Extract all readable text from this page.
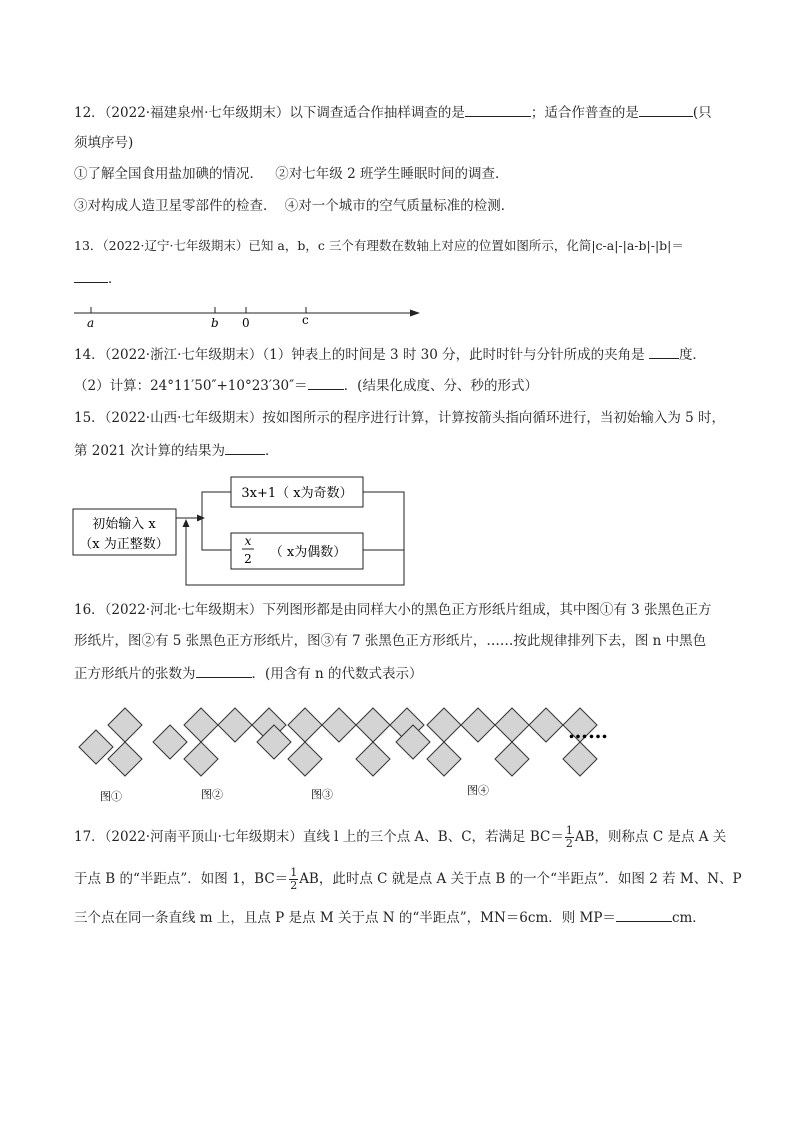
12．（2022·福建泉州·七年级期末）以下调查适合作抽样调查的是	；适合作普查的是	(只
须填序号)
①了解全国食用盐加碘的情况． ②对七年级 2 班学生睡眠时间的调查．
③对构成人造卫星零部件的检查． ④对一个城市的空气质量标准的检测．
13．（2022·辽宁·七年级期末）已知 a，b，c 三个有理数在数轴上对应的位置如图所示，化简|c-a|-|a-b|-|b|＝
．
a	b 0	c
14．（2022·浙江·七年级期末）（1）钟表上的时间是 3 时 30 分，此时时针与分针所成的夹角是	度．
（2）计算：24°11′50″+10°23′30″＝	．(结果化成度、分、秒的形式）
15．（2022·山西·七年级期末）按如图所示的程序进行计算，计算按箭头指向循环进行，当初始输入为 5 时，
第 2021 次计算的结果为	．
初始输入 x
（x 为正整数）
3x+1（ x为奇数）
x
2 （ x为偶数）
16．（2022·河北·七年级期末）下列图形都是由同样大小的黑色正方形纸片组成，其中图①有 3 张黑色正方
形纸片，图②有 5 张黑色正方形纸片，图③有 7 张黑色正方形纸片，……按此规律排列下去，图 n 中黑色
正方形纸片的张数为	．(用含有 n 的代数式表示）
图①	图②	图③	图④
……
17．（2022·河南平顶山·七年级期末）直线 l 上的三个点 A、B、C，若满足 $BC= \frac{1}{2}$ AB，则称点 C 是点 A 关
于点 B 的“半距点”．如图 1，$BC= \frac{1}{2}$ AB，此时点 C 就是点 A 关于点 B 的一个“半距点”．如图 2 若 M、N、P
三个点在同一条直线 m 上，且点 P 是点 M 关于点 N 的“半距点”，MN＝6cm．则 MP＝	cm．
